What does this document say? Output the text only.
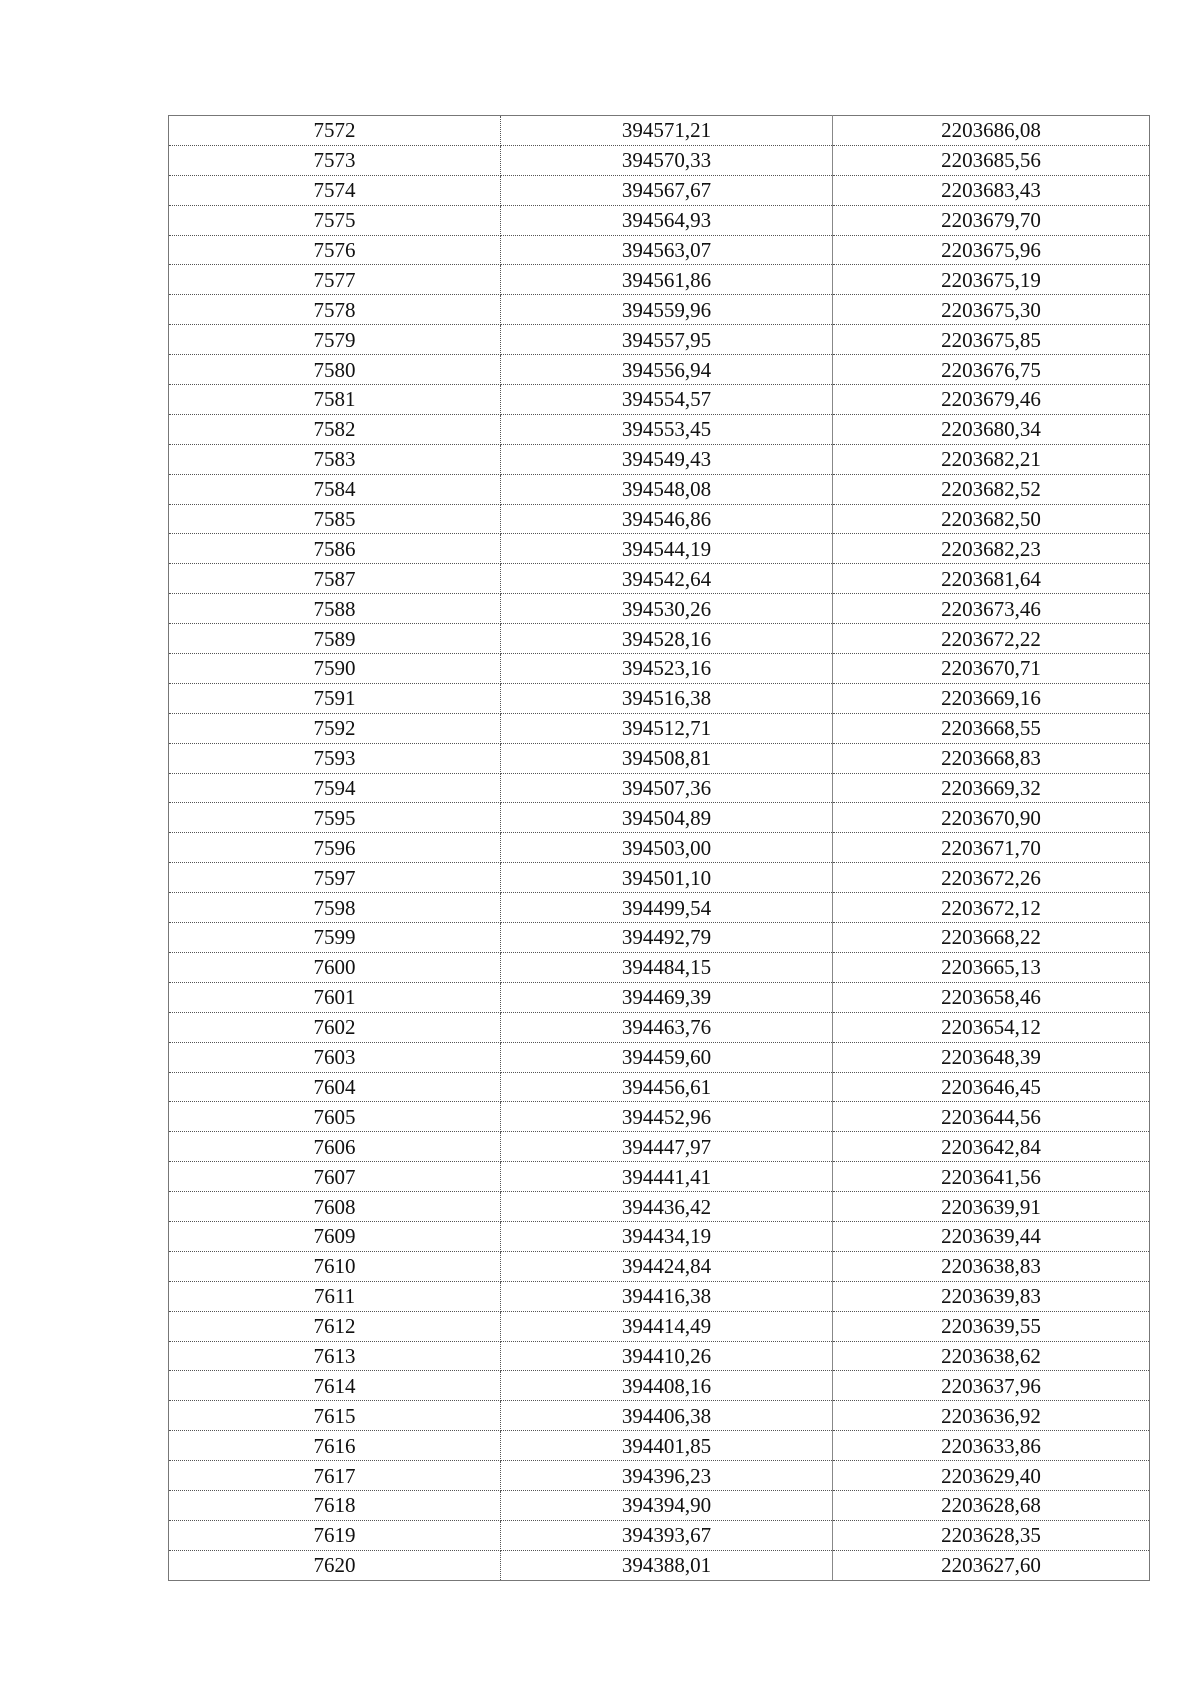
7572	394571,21	2203686,08
7573	394570,33	2203685,56
7574	394567,67	2203683,43
7575	394564,93	2203679,70
7576	394563,07	2203675,96
7577	394561,86	2203675,19
7578	394559,96	2203675,30
7579	394557,95	2203675,85
7580	394556,94	2203676,75
7581	394554,57	2203679,46
7582	394553,45	2203680,34
7583	394549,43	2203682,21
7584	394548,08	2203682,52
7585	394546,86	2203682,50
7586	394544,19	2203682,23
7587	394542,64	2203681,64
7588	394530,26	2203673,46
7589	394528,16	2203672,22
7590	394523,16	2203670,71
7591	394516,38	2203669,16
7592	394512,71	2203668,55
7593	394508,81	2203668,83
7594	394507,36	2203669,32
7595	394504,89	2203670,90
7596	394503,00	2203671,70
7597	394501,10	2203672,26
7598	394499,54	2203672,12
7599	394492,79	2203668,22
7600	394484,15	2203665,13
7601	394469,39	2203658,46
7602	394463,76	2203654,12
7603	394459,60	2203648,39
7604	394456,61	2203646,45
7605	394452,96	2203644,56
7606	394447,97	2203642,84
7607	394441,41	2203641,56
7608	394436,42	2203639,91
7609	394434,19	2203639,44
7610	394424,84	2203638,83
7611	394416,38	2203639,83
7612	394414,49	2203639,55
7613	394410,26	2203638,62
7614	394408,16	2203637,96
7615	394406,38	2203636,92
7616	394401,85	2203633,86
7617	394396,23	2203629,40
7618	394394,90	2203628,68
7619	394393,67	2203628,35
7620	394388,01	2203627,60
